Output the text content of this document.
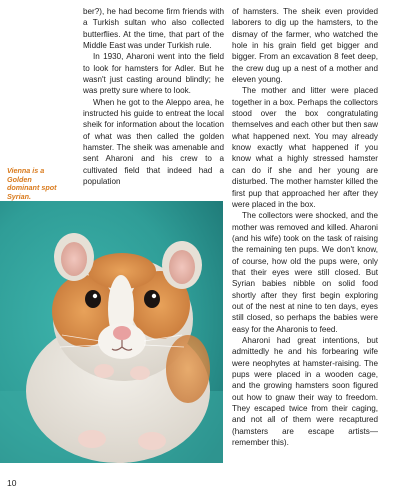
ber?), he had become firm friends with a Turkish sultan who also collected butterflies. At the time, that part of the Middle East was under Turkish rule.

In 1930, Aharoni went into the field to look for hamsters for Adler. But he wasn't just casting around blindly; he was pretty sure where to look.

When he got to the Aleppo area, he instructed his guide to entreat the local sheik for information about the location of what was then called the golden hamster. The sheik was amenable and sent Aharoni and his crew to a cultivated field that indeed had a population

of hamsters. The sheik even provided laborers to dig up the hamsters, to the dismay of the farmer, who watched the hole in his grain field get bigger and bigger. From an excavation 8 feet deep, the crew dug up a nest of a mother and eleven young.

The mother and litter were placed together in a box. Perhaps the collectors stood over the box congratulating themselves and each other but then saw what happened next. You may already know exactly what happened if you know what a highly stressed hamster can do if she and her young are disturbed. The mother hamster killed the first pup that approached her after they were placed in the box.

The collectors were shocked, and the mother was removed and killed. Aharoni (and his wife) took on the task of raising the remaining ten pups. We don't know, of course, how old the pups were, only that their eyes were still closed. But Syrian babies nibble on solid food shortly after they first begin exploring out of the nest at nine to ten days, eyes still closed, so perhaps the babies were easy for the Aharonis to feed.

Aharoni had great intentions, but admittedly he and his forbearing wife were neophytes at hamster-raising. The pups were placed in a wooden cage, and the growing hamsters soon figured out how to gnaw their way to freedom. They escaped twice from their caging, and not all of them were recaptured (hamsters are escape artists—remember this).

Vienna is a Golden dominant spot Syrian.
10
